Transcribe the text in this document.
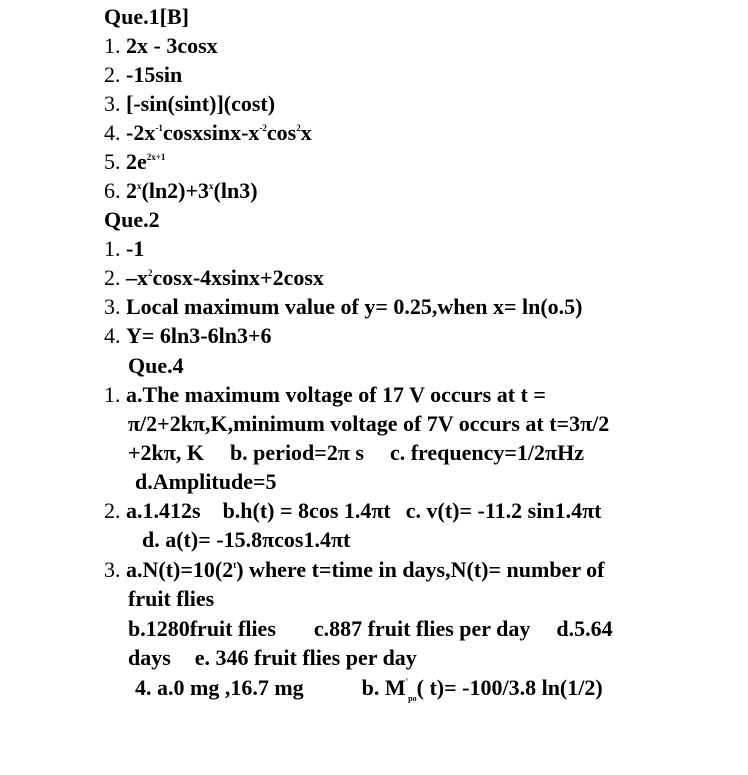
Que.1[B]
1. 2x - 3cosx
2. -15sin
3. [-sin(sint)](cost)
4. $-2x^{-1}cosxsinx-x^{-2}\cos^2x$
5. $2e^{2x+1}$
6. $2^x(\ln 2)+3^x(\ln 3)$
Que.2
1. -1
2. $-x^2\cos x-4xsinx+2\cos x$
3. Local maximum value of y= 0.25,when x= ln(o.5)
4. Y= 6ln3-6ln3+6
Que.4
1. a.The maximum voltage of 17 V occurs at t =
π/2+2kπ,K,minimum voltage of 7V occurs at t=3π/2
+2kπ, K b. period=2π s c. frequency=1/2πHz
d.Amplitude=5
2. a.1.412s b.h(t) = 8cos 1.4πt c. v(t)= -11.2 sin1.4πt
d. a(t)= -15.8πcos1.4πt
3. $a.N(t)=10(2^t)$ where t=time in days,N(t)= number of
fruit flies
b.1280fruit flies c.887 fruit flies per day d.5.64
days e. 346 fruit flies per day
4. a.0 mg ,16.7 mg	b. $M'_{po}$( t)= -100/3.8 ln(1/2)
